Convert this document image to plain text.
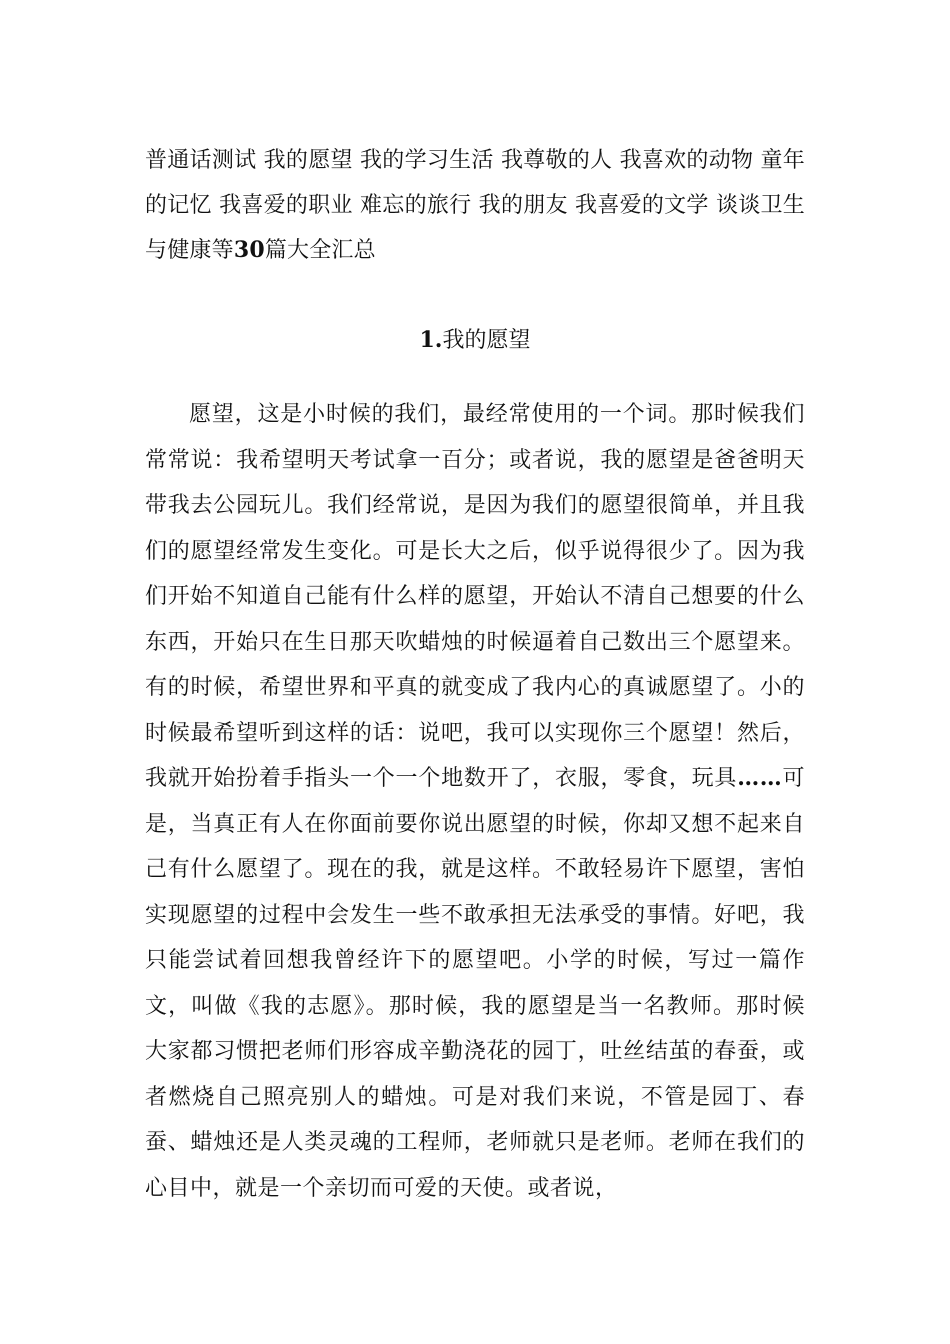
普通话测试 我的愿望 我的学习生活 我尊敬的人 我喜欢的动物 童年的记忆 我喜爱的职业 难忘的旅行 我的朋友 我喜爱的文学 谈谈卫生与健康等30篇大全汇总

1.我的愿望

愿望，这是小时候的我们，最经常使用的一个词。那时候我们常常说：我希望明天考试拿一百分；或者说，我的愿望是爸爸明天带我去公园玩儿。我们经常说，是因为我们的愿望很简单，并且我们的愿望经常发生变化。可是长大之后，似乎说得很少了。因为我们开始不知道自己能有什么样的愿望，开始认不清自己想要的什么东西，开始只在生日那天吹蜡烛的时候逼着自己数出三个愿望来。有的时候，希望世界和平真的就变成了我内心的真诚愿望了。小的时候最希望听到这样的话：说吧，我可以实现你三个愿望！然后，我就开始扮着手指头一个一个地数开了，衣服，零食，玩具……可是，当真正有人在你面前要你说出愿望的时候，你却又想不起来自己有什么愿望了。现在的我，就是这样。不敢轻易许下愿望，害怕实现愿望的过程中会发生一些不敢承担无法承受的事情。好吧，我只能尝试着回想我曾经许下的愿望吧。小学的时候，写过一篇作文，叫做《我的志愿》。那时候，我的愿望是当一名教师。那时候大家都习惯把老师们形容成辛勤浇花的园丁，吐丝结茧的春蚕，或者燃烧自己照亮别人的蜡烛。可是对我们来说，不管是园丁、春蚕、蜡烛还是人类灵魂的工程师，老师就只是老师。老师在我们的心目中，就是一个亲切而可爱的天使。或者说，
